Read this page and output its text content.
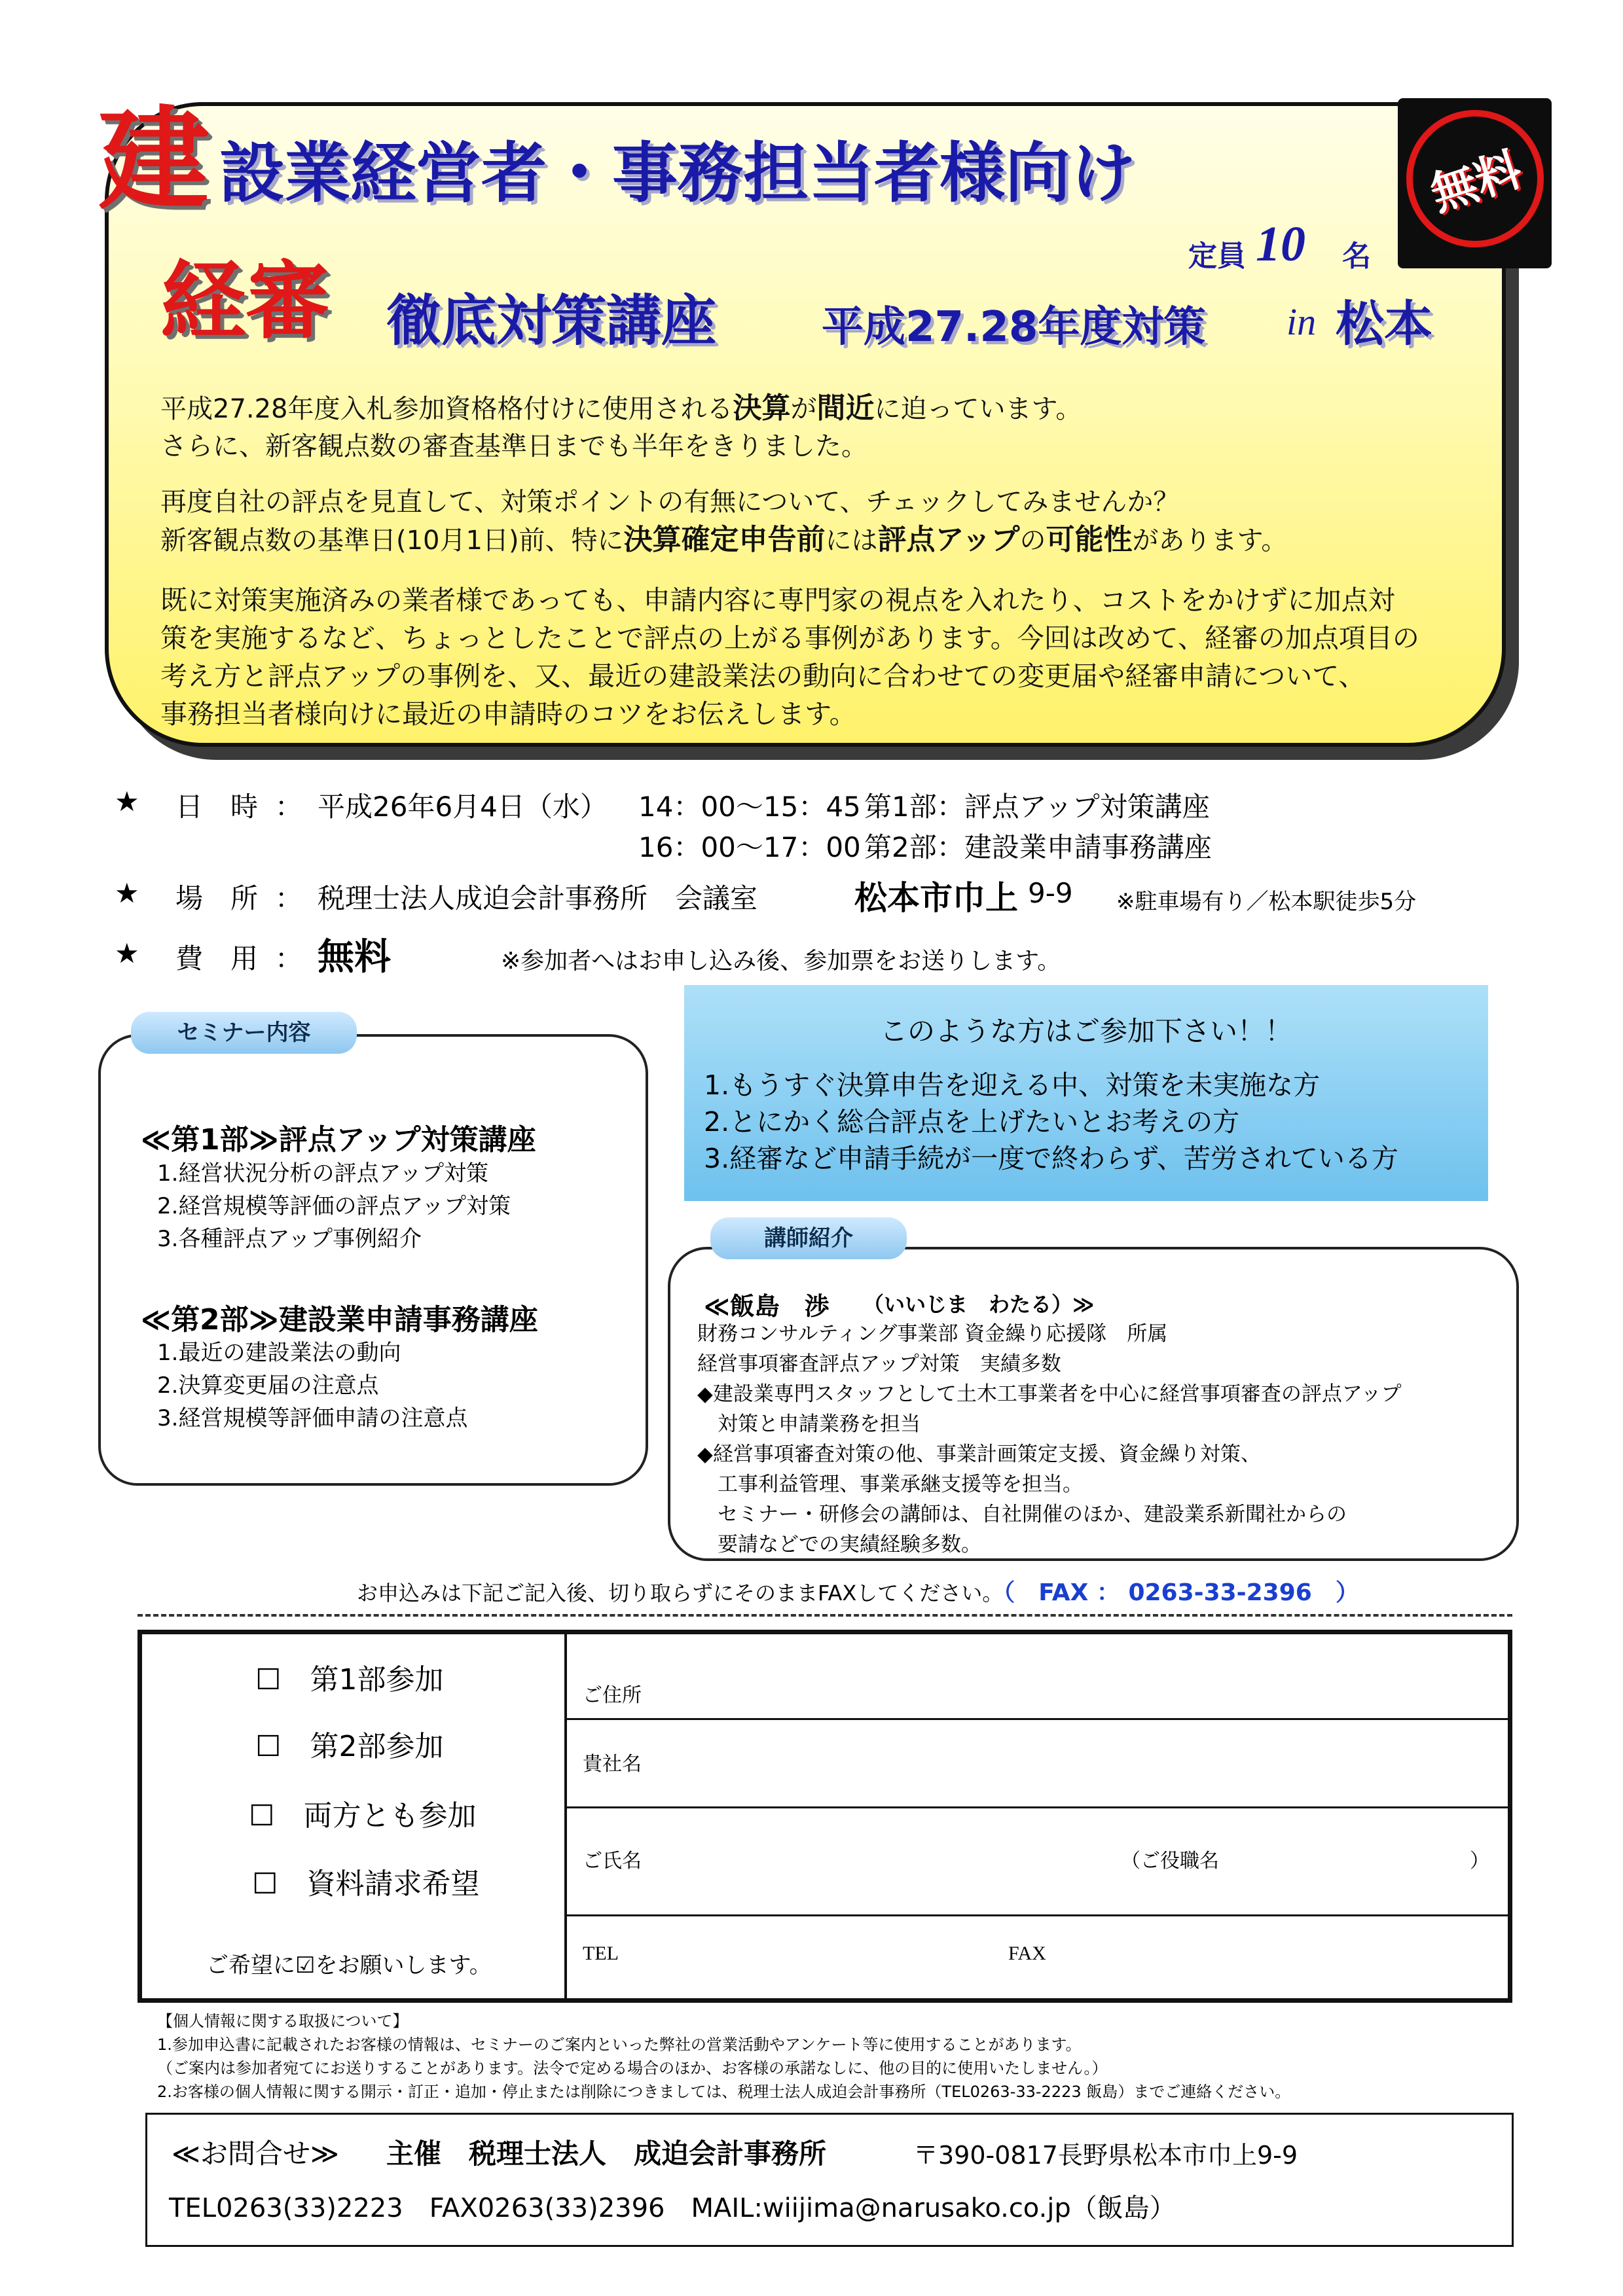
建 設業経営者・事務担当者様向け
定員 10 名
経審 徹底対策講座	平成27.28年度対策 in 松本
無料
平成27.28年度入札参加資格格付けに使用される決算が間近に迫っています。
さらに、新客観点数の審査基準日までも半年をきりました。
再度自社の評点を見直して、対策ポイントの有無について、チェックしてみませんか？
新客観点数の基準日(10月1日)前、特に決算確定申告前には評点アップの可能性があります。
既に対策実施済みの業者様であっても、申請内容に専門家の視点を入れたり、コストをかけずに加点対
策を実施するなど、ちょっとしたことで評点の上がる事例があります。今回は改めて、経審の加点項目の
考え方と評点アップの事例を、又、最近の建設業法の動向に合わせての変更届や経審申請について、
事務担当者様向けに最近の申請時のコツをお伝えします。
★ 日　時 ： 平成26年6月4日（水） 14：00～15：45 第1部：評点アップ対策講座
16：00～17：00 第2部：建設業申請事務講座
★ 場　所 ： 税理士法人成迫会計事務所　会議室	松本市巾上 9-9 ※駐車場有り／松本駅徒歩5分
★ 費　用 ： 無料	※参加者へはお申し込み後、参加票をお送りします。
セミナー内容
≪第1部≫評点アップ対策講座
1.経営状況分析の評点アップ対策
2.経営規模等評価の評点アップ対策
3.各種評点アップ事例紹介
≪第2部≫建設業申請事務講座
1.最近の建設業法の動向
2.決算変更届の注意点
3.経営規模等評価申請の注意点
このような方はご参加下さい！！
1.もうすぐ決算申告を迎える中、対策を未実施な方
2.とにかく総合評点を上げたいとお考えの方
3.経審など申請手続が一度で終わらず、苦労されている方
講師紹介
≪飯島　渉 （いいじま　わたる）≫
財務コンサルティング事業部 資金繰り応援隊　所属
経営事項審査評点アップ対策　実績多数
◆建設業専門スタッフとして土木工事業者を中心に経営事項審査の評点アップ
　対策と申請業務を担当
◆経営事項審査対策の他、事業計画策定支援、資金繰り対策、
　工事利益管理、事業承継支援等を担当。
　セミナー・研修会の講師は、自社開催のほか、建設業系新聞社からの
　要請などでの実績経験多数。
お申込みは下記ご記入後、切り取らずにそのままFAXしてください。（　FAX ： 0263-33-2396　）
☐　第1部参加
☐　第2部参加
☐　両方とも参加
☐　資料請求希望
ご希望に☑をお願いします。
ご住所
貴社名
ご氏名	（ご役職名	）
TEL	FAX
【個人情報に関する取扱について】
1.参加申込書に記載されたお客様の情報は、セミナーのご案内といった弊社の営業活動やアンケート等に使用することがあります。
（ご案内は参加者宛てにお送りすることがあります。法令で定める場合のほか、お客様の承諾なしに、他の目的に使用いたしません。）
2.お客様の個人情報に関する開示・訂正・追加・停止または削除につきましては、税理士法人成迫会計事務所（TEL0263-33-2223 飯島）までご連絡ください。
≪お問合せ≫ 主催　税理士法人　成迫会計事務所	〒390-0817長野県松本市巾上9-9
TEL0263(33)2223　FAX0263(33)2396　MAIL:wiijima@narusako.co.jp（飯島）
